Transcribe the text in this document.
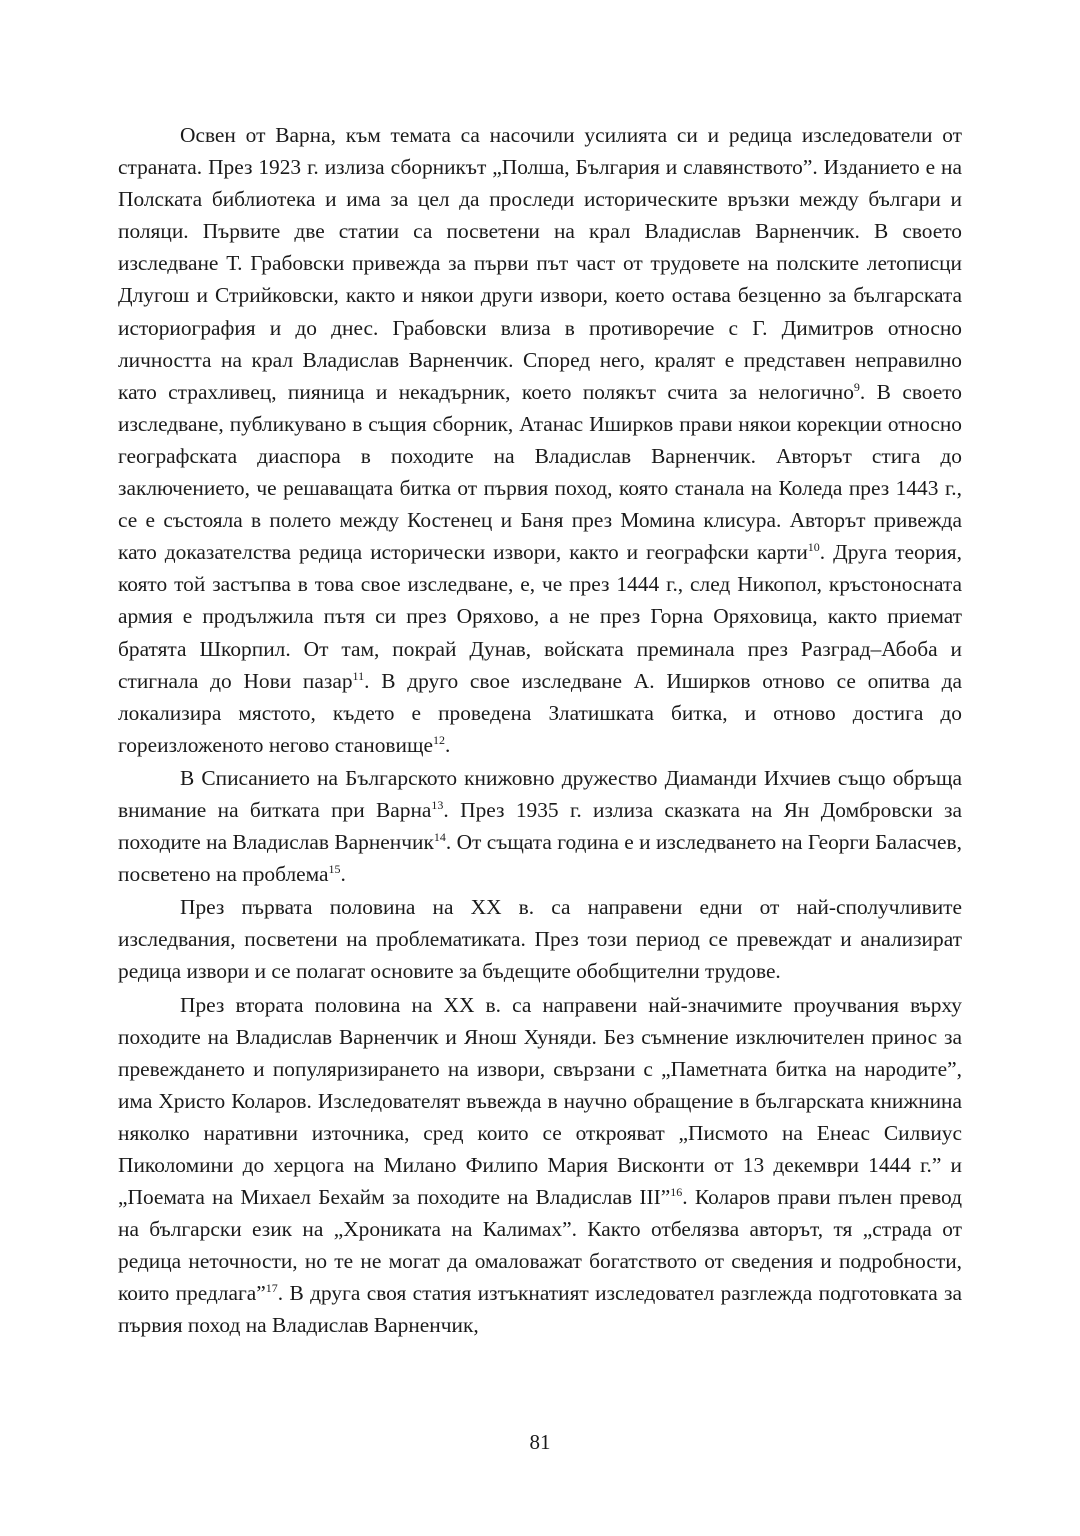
Освен от Варна, към темата са насочили усилията си и редица изследователи от страната. През 1923 г. излиза сборникът „Полша, България и славянството”. Изданието е на Полската библиотека и има за цел да проследи историческите връзки между българи и поляци. Първите две статии са посветени на крал Владислав Варненчик. В своето изследване Т. Грабовски привежда за първи път част от трудовете на полските летописци Длугош и Стрийковски, както и някои други извори, което остава безценно за българската историография и до днес. Грабовски влиза в противоречие с Г. Димитров относно личността на крал Владислав Варненчик. Според него, кралят е представен неправилно като страхливец, пияница и некадърник, което полякът счита за нелогично$^9$. В своето изследване, публикувано в същия сборник, Атанас Иширков прави някои корекции относно географската диаспора в походите на Владислав Варненчик. Авторът стига до заключението, че решаващата битка от първия поход, която станала на Коледа през 1443 г., се е състояла в полето между Костенец и Баня през Момина клисура. Авторът привежда като доказателства редица исторически извори, както и географски карти$^{10}$. Друга теория, която той застъпва в това свое изследване, е, че през 1444 г., след Никопол, кръстоносната армия е продължила пътя си през Оряхово, а не през Горна Оряховица, както приемат братята Шкорпил. От там, покрай Дунав, войската преминала през Разград–Абоба и стигнала до Нови пазар$^{11}$. В друго свое изследване А. Иширков отново се опитва да локализира мястото, където е проведена Златишката битка, и отново достига до гореизложеното негово становище$^{12}$.

В Списанието на Българското книжовно дружество Диаманди Ихчиев също обръща внимание на битката при Варна$^{13}$. През 1935 г. излиза сказката на Ян Домбровски за походите на Владислав Варненчик$^{14}$. От същата година е и изследването на Георги Баласчев, посветено на проблема$^{15}$.

През първата половина на XX в. са направени едни от най-сполучливите изследвания, посветени на проблематиката. През този период се превеждат и анализират редица извори и се полагат основите за бъдещите обобщителни трудове.

През втората половина на XX в. са направени най-значимите проучвания върху походите на Владислав Варненчик и Янош Хуняди. Без съмнение изключителен принос за превеждането и популяризирането на извори, свързани с „Паметната битка на народите”, има Христо Коларов. Изследователят въвежда в научно обращение в българската книжнина няколко наративни източника, сред които се открояват „Писмото на Енеас Силвиус Пиколомини до херцога на Милано Филипо Мария Висконти от 13 декември 1444 г.” и „Поемата на Михаел Бехайм за походите на Владислав III”$^{16}$. Коларов прави пълен превод на български език на „Хрониката на Калимах”. Както отбелязва авторът, тя „страда от редица неточности, но те не могат да омаловажат богатството от сведения и подробности, които предлага”$^{17}$. В друга своя статия изтъкнатият изследовател разглежда подготовката за първия поход на Владислав Варненчик,

81
